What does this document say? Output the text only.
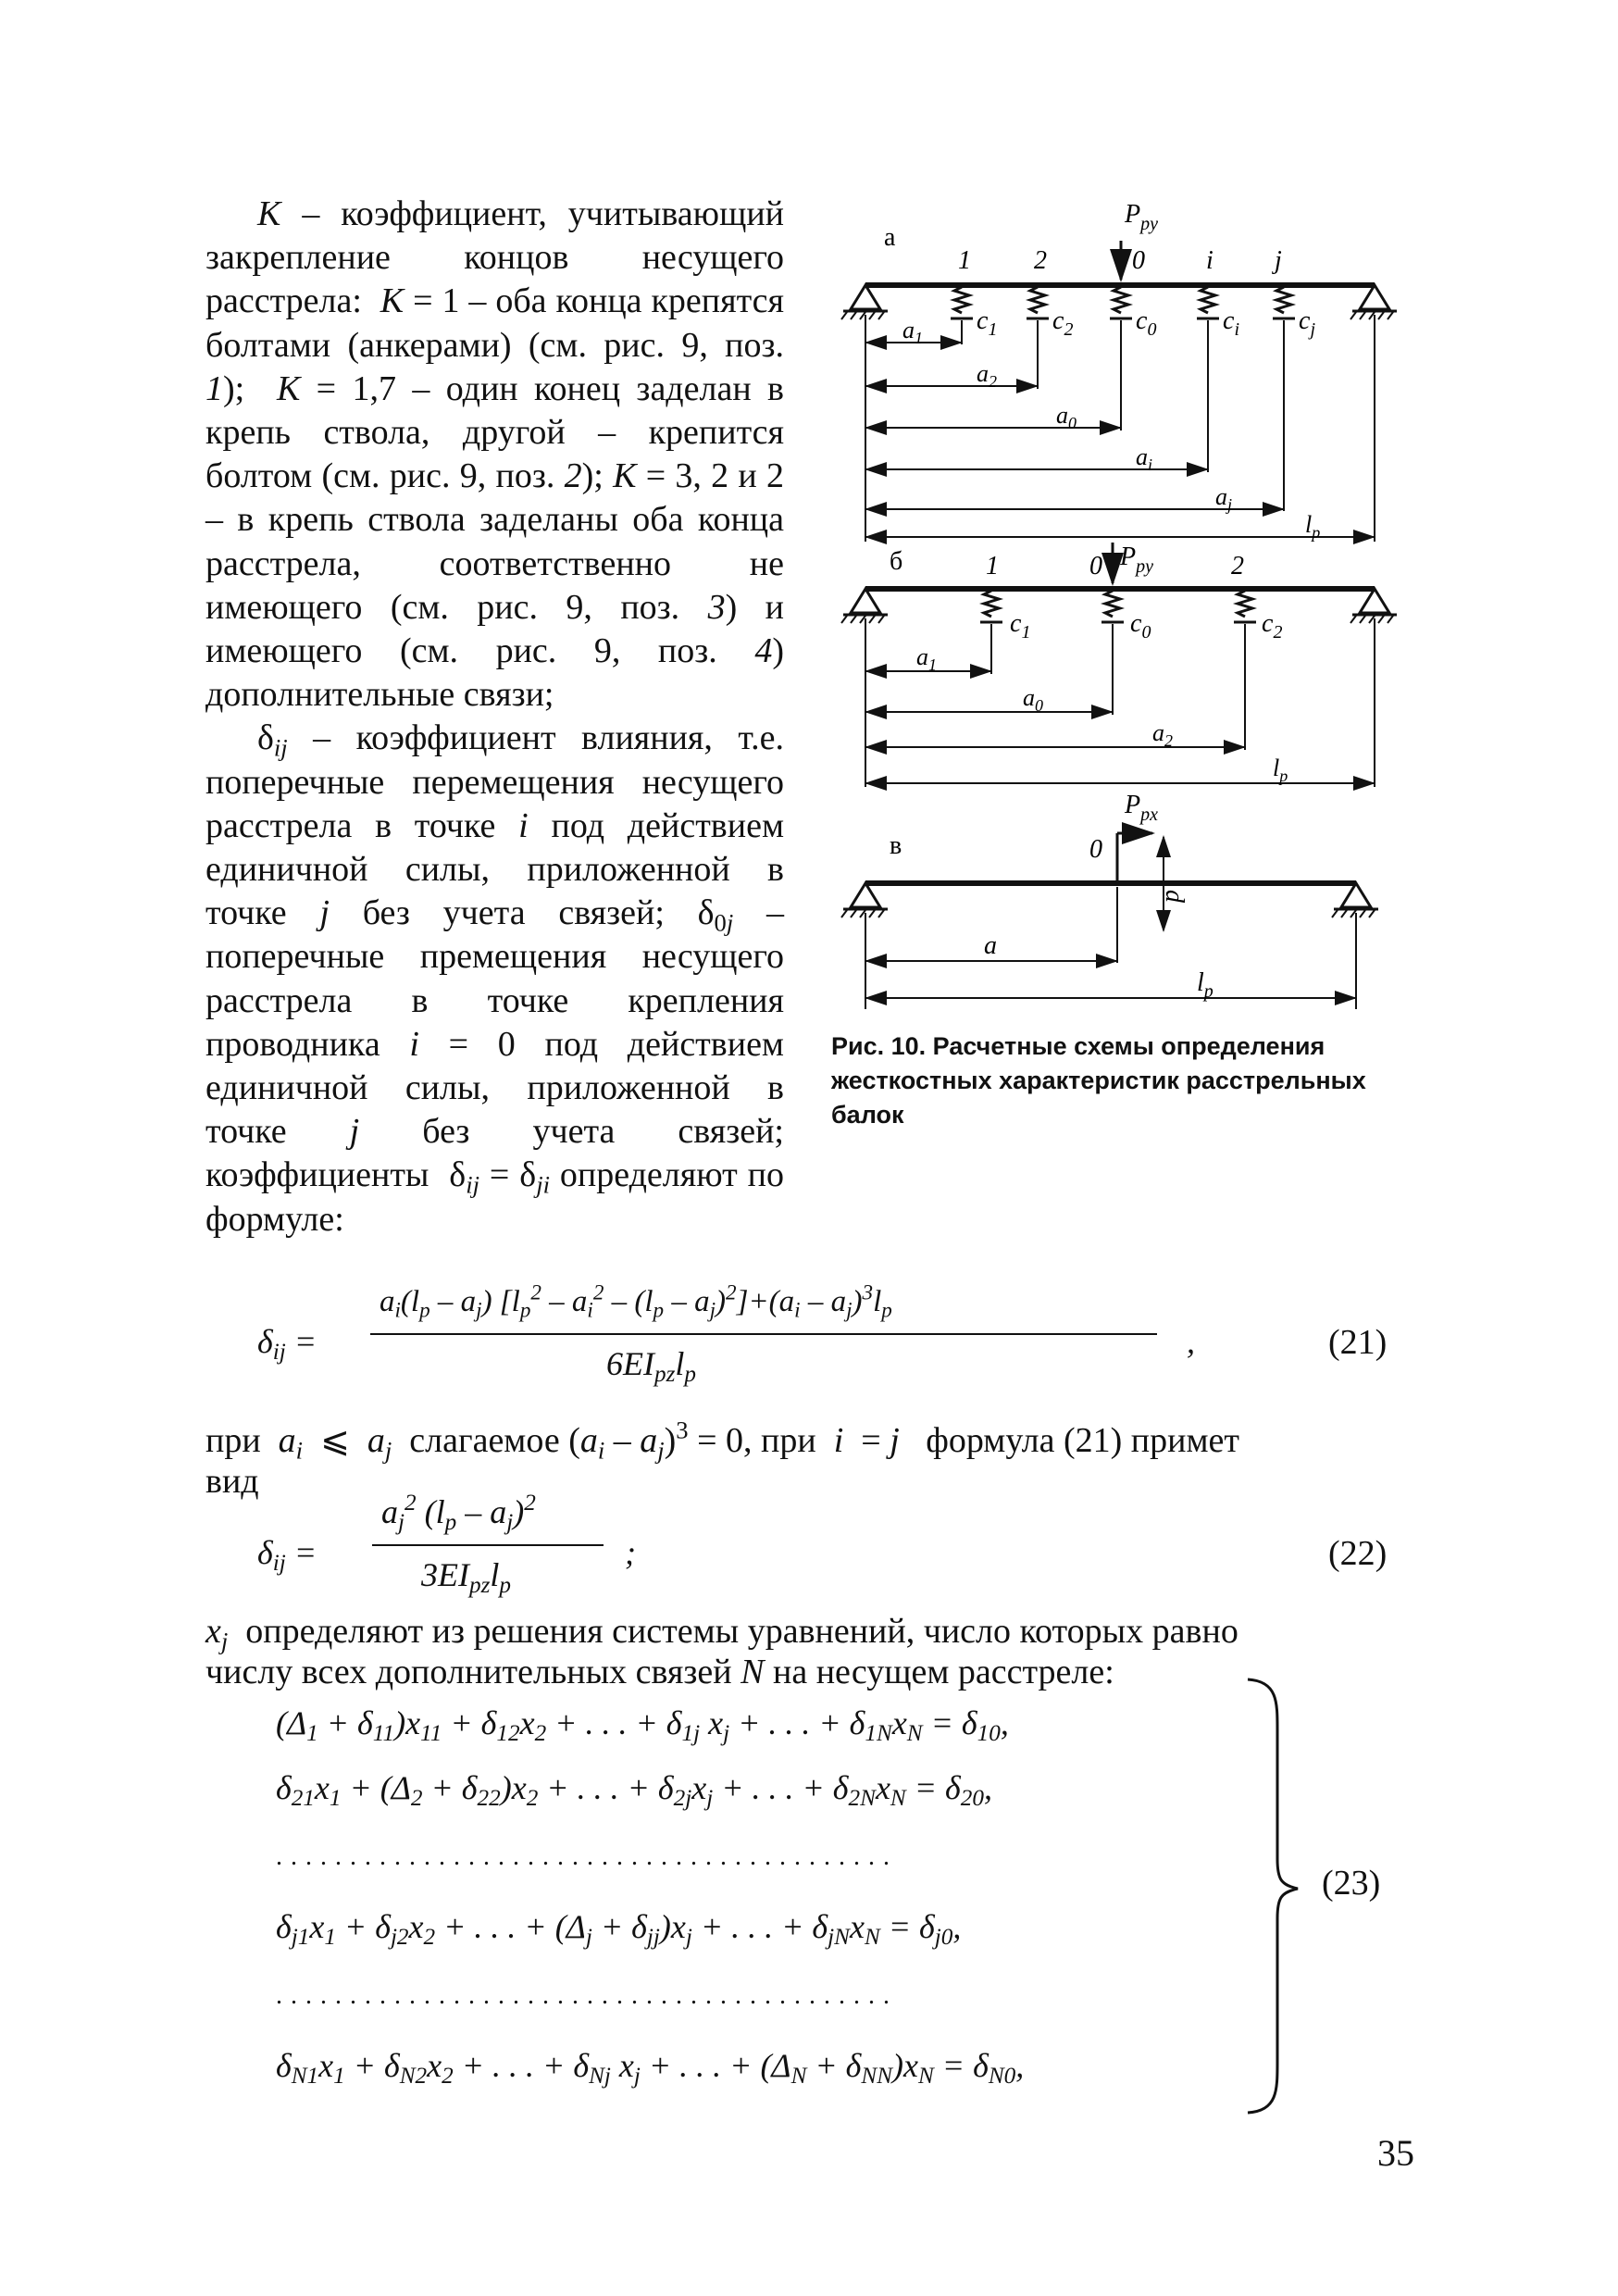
K – коэффициент, учитывающий закрепление концов несущего расстрела:  K = 1 – оба конца крепятся болтами (анкерами) (см. рис. 9, поз. 1);  K = 1,7 – один конец заделан в крепь ствола, другой – крепится болтом (см. рис. 9, поз. 2); K = 3, 2 и 2 – в крепь ствола заделаны оба конца расстрела, соответственно не имеющего (см. рис. 9, поз. 3) и имеющего (см. рис. 9, поз. 4) дополнительные связи;

$\delta_{ij}$ – коэффициент влияния, т.е. поперечные перемещения несущего расстрела в точке i под действием единичной силы, приложенной в точке j без учета связей; $\delta_{0j}$ – поперечные премещения несущего расстрела в точке крепления проводника i = 0 под действием единичной силы, приложенной в точке j без учета связей; коэффициенты  $\delta_{ij} = \delta_{ji}$ определяют по формуле:

а
$P_{py}$
1 2	0 i j
$c_1$ $c_2$ $c_0$	$c_i$ $c_j$
$a_1$
$a_2$
$a_0$
$a_i$
$a_j$
$l_р$
б	$P_{py}$
1	0	2
$c_1$	$c_0$	$c_2$
$a_1$
$a_0$
$a_2$
$l_р$
в
$P_{px}$
0
d
a
$l_р$
Рис. 10. Расчетные схемы определения жесткостных характеристик расстрельных балок
$\delta_{ij}$ =
$a_i(l_p - a_j)$ $[l_p^2 - a_i^2 - (l_p - a_j)^2]+(a_i - a_j)^3l_p$
$6EI_{pz}l_p$
,	(21)
при  $a_i$  ⩽  $a_j$  слагаемое $(a_i - a_j)^3 = 0$, при  i  = j   формула (21) примет
вид
$\delta_{ij}$ =
$a_j^2$ $(l_p - a_j)^2$
$3EI_{pz}l_p$
;	(22)
$x_j$  определяют из решения системы уравнений, число которых равно
числу всех дополнительных связей N на несущем расстреле:
$(\Delta_1 + \delta_{11})x_{11} + \delta_{12}x_2$ + . . . + $\delta_{1j}$ $x_j$ + . . . + $\delta_{1N}x_N = \delta_{10}$,
$\delta_{21}x_1 + (\Delta_2 + \delta_{22})x_2$ + . . . + $\delta_{2j}x_j$ + . . . + $\delta_{2N}x_N = \delta_{20}$,
..........................................
$\delta_{j1}x_1 + \delta_{j2}x_2$ + . . . + $(\Delta_j + \delta_{jj})x_j$ + . . . + $\delta_{jN}x_N = \delta_{j0}$,
..........................................
$\delta_{N1}x_1 + \delta_{N2}x_2$ + . . . + $\delta_{Nj}$ $x_j$ + . . . + $(\Delta_N + \delta_{NN})x_N = \delta_{N0}$,
(23)
35
